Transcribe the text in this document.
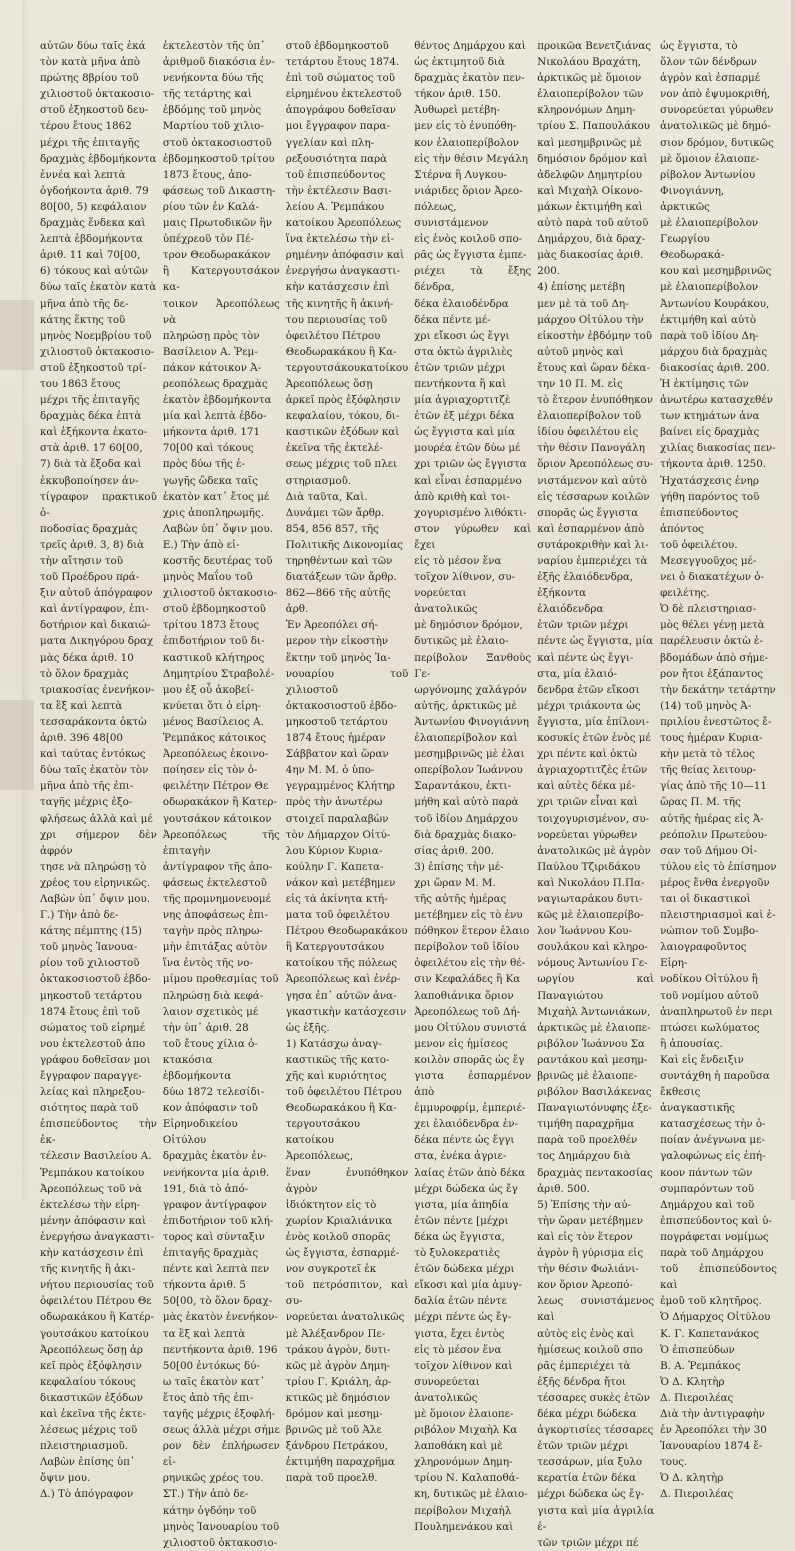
αὐτῶν δύω ταῖς ἑκά
τὸν κατὰ μῆνα ἀπὸ
πρώτης 8βρίου τοῦ
χιλιοστοῦ ὀκτακοσιο-
στοῦ ἑξηκοστοῦ δευ-
τέρου ἔτους 1862
μέχρι τῆς ἐπιταγῆς
δραχμὰς ἑβδομήκοντα
ἐννέα καὶ λεπτὰ
ὀγδοήκοντα ἀριθ. 79
80[00, 5) κεφάλαιον
δραχμὰς ἕνδεκα καὶ
λεπτὰ ἑβδομήκοντα
ἀριθ. 11 καὶ 70[00,
6) τόκους καὶ αὐτῶν
δύω ταῖς ἑκατὸν κατὰ
μῆνα ἀπὸ τῆς δε-
κάτης ἕκτης τοῦ
μηνὸς Νοεμβρίου τοῦ
χιλιοστοῦ ὀκτακοσιο-
στοῦ ἑξηκοστοῦ τρί-
του 1863 ἔτους
μέχρι τῆς ἐπιταγῆς
δραχμὰς δέκα ἑπτὰ
καὶ ἑξήκοντα ἑκατο-
στὰ ἀριθ. 17 60[00,
7) διὰ τὰ ἔξοδα καὶ
ἐκκυβοποίησεν ἀν-
τίγραφον πρακτικοῦ ὁ-
ποδοσίας δραχμὰς
τρεῖς ἀριθ. 3, 8) διὰ
τὴν αἴτησιν τοῦ
τοῦ Προέδρου πρά-
ξιν αὐτοῦ ἀπόγραφον
καὶ ἀντίγραφον, ἐπι-
δοτήριον καὶ δικαιώ-
ματα Δικηγόρου δραχ
μὰς δέκα ἀριθ. 10
τὸ ὅλον δραχμὰς
τριακοσίας ἐνενήκον-
τα ἓξ καὶ λεπτὰ
τεσσαράκοντα ὀκτὼ
ἀριθ. 396 48[00
καὶ ταύτας ἐντόκως
δύω ταῖς ἑκατὸν τὸν
μῆνα ἀπὸ τῆς ἐπι-
ταγῆς μέχρις ἐξο-
φλήσεως ἀλλὰ καὶ μέ
χρι σήμερον δὲν ἀφρόν
τησε νὰ πληρώσῃ τὸ
χρέος του εἰρηνικῶς.
Λαβὼν ὑπ᾽ ὄψιν μου.
Γ.) Τὴν ἀπὸ δε-
κάτης πέμπτης (15)
τοῦ μηνὸς Ἰανουα-
ρίου τοῦ χιλιοστοῦ
ὀκτακοσιοστοῦ ἑβδο-
μηκοστοῦ τετάρτου
1874 ἔτους ἐπὶ τοῦ
σώματος τοῦ εἰρημέ
νου ἐκτελεστοῦ ἀπο
γράφου δοθεῖσαν μοι
ἔγγραφον παραγγε-
λείας καὶ πληρεξου-
σιότητος παρὰ τοῦ
ἐπισπεύδοντος τὴν ἐκ-
τέλεσιν Βασιλείου Α.
Ῥεμπάκου κατοίκου
Ἀρεοπόλεως τοῦ νὰ
ἐκτελέσω τὴν εἰρη-
μένην ἀπόφασιν καὶ
ἐνεργήσω ἀναγκαστι-
κὴν κατάσχεσιν ἐπὶ
τῆς κινητῆς ἢ ἀκι-
νήτου περιουσίας τοῦ
ὀφειλέτου Πέτρου Θε
οδωρακάκου ἢ Κατέρ-
γουτσάκου κατοίκου
Ἀρεοπόλεως ὅσῃ ἀρ
κεῖ πρὸς ἐξόφλησιν
κεφαλαίου τόκους
δικαστικῶν ἐξόδων
καὶ ἐκεῖνα τῆς ἐκτε-
λέσεως μέχρις τοῦ
πλειστηριασμοῦ.
Λαβὼν ἐπίσης ὑπ᾽
ὄψιν μου.
Δ.) Τὸ ἀπόγραφον

ἐκτελεστὸν τῆς ὑπ᾽
ἀριθμοῦ διακόσια ἑν-
νενήκοντα δύω τῆς
τῆς τετάρτης καὶ
ἑβδόμης τοῦ μηνὸς
Μαρτίου τοῦ χιλιο-
στοῦ ὀκτακοσιοστοῦ
ἑβδομηκοστοῦ τρίτου
1873 ἔτους, ἀπο-
φάσεως τοῦ Δικαστη-
ρίου τῶν ἐν Καλά-
μαις Πρωτοδικῶν ἣν
ὑπέχρεοῦ τὸν Πέ-
τρον Θεοδωρακάκον
ἢ Κατεργουτσάκον κα-
τοικον Ἀρεοπόλεως νὰ
πληρώσῃ πρὸς τὸν
Βασίλειον Α. Ῥεμ-
πάκον κάτοικον Ἀ-
ρεοπόλεως δραχμὰς
ἑκατὸν ἑβδομήκοντα
μία καὶ λεπτὰ ἑβδο-
μήκοντα ἀριθ. 171
70[00 καὶ τόκους
πρὸς δύω τῆς ἑ-
γωγῆς ὥδεκα ταῖς
ἑκατὸν κατ᾽ ἔτος μέ
χρις ἀποπληρωμῆς.
Λαβὼν ὑπ᾽ ὄψιν μου.
Ε.) Τὴν ἀπὸ εἰ-
κοστῆς δευτέρας τοῦ
μηνὸς Μαΐου τοῦ
χιλιοστοῦ ὀκτακοσιο-
στοῦ ἑβδομηκοστοῦ
τρίτου 1873 ἔτους
ἐπιδοτήριον τοῦ δι-
καστικοῦ κλήτηρος
Δημητρίου Στραβολέ-
μου ἐξ οὗ ἀκοβεί-
κνύεται ὅτι ὁ εἰρη-
μένος Βασίλειος Α.
Ῥεμπάκος κάτοικος
Ἀρεοπόλεως ἐκοινο-
ποίησεν εἰς τὸν ὀ-
φειλέτην Πέτρον Θε
οδωρακάκον ἢ Κατερ-
γουτσάκον κάτοικον
Ἀρεοπόλεως τῆς ἐπιταγὴν
ἀντίγραφον τῆς ἀπο-
φάσεως ἐκτελεστοῦ
τῆς προμνημονευομέ
νης ἀποφάσεως ἐπι-
ταγὴν πρὸς πληρω-
μὴν ἐπιτάξας αὐτὸν
ἵνα ἐντὸς τῆς νο-
μίμου προθεσμίας τοῦ
πληρώσῃ διὰ κεφά-
λαιον σχετικὸς μέ
τὴν ὑπ᾽ ἀριθ. 28
τοῦ ἔτους χίλια ὀ-
κτακόσια ἑβδομήκοντα
δύω 1872 τελεσίδι-
κον ἀπόφασιν τοῦ
Εἰρηνοδικείου Οἰτύλου
δραχμὰς ἑκατὸν ἐν-
νενήκοντα μία ἀριθ.
191, διὰ τὸ ἀπό-
γραφον ἀντίγραφον
ἐπιδοτήριον τοῦ κλή-
τορος καὶ σύνταξιν
ἐπιταγῆς δραχμὰς
πέντε καὶ λεπτὰ πεν
τήκοντα ἀριθ. 5
50[00, τὸ ὅλον δραχ-
μὰς ἑκατὸν ἐνενήκον-
τα ἓξ καὶ λεπτὰ
πεντήκοντα ἀριθ. 196
50[00 ἐντόκως δύ-
ω ταῖς ἑκατὸν κατ᾽
ἔτος ἀπὸ τῆς ἐπι-
ταγῆς μέχρις ἐξοφλή-
σεως ἀλλὰ μέχρι σήμε
ρον δὲν ἐπλήρωσεν εἰ-
ρηνικῶς χρέος του.
ΣΤ.) Τὴν ἀπὸ δε-
κάτην ὀγδόην τοῦ
μηνὸς Ἰανουαρίου τοῦ
χιλιοστοῦ ὀκτακοσιο-

στοῦ ἑβδομηκοστοῦ
τετάρτου ἔτους 1874.
ἐπὶ τοῦ σώματος τοῦ
εἰρημένου ἐκτελεστοῦ
ἀπογράφου δοθεῖσαν
μοι ἔγγραφον παρα-
γγελίαν καὶ πλη-
ρεξουσιότητα παρὰ
τοῦ ἐπισπεύδοντος
τὴν ἐκτέλεσιν Βασι-
λείου Α. Ῥεμπάκου
κατοίκου Ἀρεοπόλεως
ἵνα ἐκτελέσω τὴν εἰ-
ρημένην ἀπόφασιν καὶ
ἐνεργήσω ἀναγκαστι-
κὴν κατάσχεσιν ἐπὶ
τῆς κινητῆς ἢ ἀκινή-
του περιουσίας τοῦ
ὀφειλέτου Πέτρου
Θεοδωρακάκου ἢ Κα-
τεργουτσάκουκατοίκου
Ἀρεοπόλεως ὅσῃ
ἀρκεῖ πρὸς ἐξόφλησιν
κεφαλαίου, τόκου, δι-
καστικῶν ἐξόδων καὶ
ἐκεῖνα τῆς ἐκτελέ-
σεως μέχρις τοῦ πλει
στηριασμοῦ.
Διὰ ταῦτα, Καὶ.
Δυνάμει τῶν ἄρθρ.
854, 856 857, τῆς
Πολιτικῆς Δικονομίας
τηρηθέντων καὶ τῶν
διατάξεων τῶν ἄρθρ.
862—866 τῆς αὐτῆς
ἀρθ.
Ἐν Ἀρεοπόλει σή-
μερον τὴν εἰκοστὴν
ἕκτην τοῦ μηνὸς Ἰα-
νουαρίου τοῦ χιλιοστοῦ
ὀκτακοσιοστοῦ ἑβδο-
μηκοστοῦ τετάρτου
1874 ἔτους ἡμέραν
Σάββατον καὶ ὥραν
4ην Μ. Μ. ὁ ὑπο-
γεγραμμένος Κλήτηρ
πρὸς τὴν ἀνωτέρω
στοιχεῖ παραλαβὼν
τὸν Δήμαρχον Οἰτύ-
λου Κύριον Κυρια-
κούλην Γ. Καπετα-
νάκον καὶ μετέβημεν
εἰς τὰ ἀκίνητα κτή-
ματα τοῦ ὀφειλέτου
Πέτρου Θεοδωρακάκου
ἢ Κατεργουτσάκου
κατοίκου τῆς πόλεως
Ἀρεοπόλεως καὶ ἐνέρ-
γησα ἐπ᾽ αὐτῶν ἀνα-
γκαστικὴν κατάσχεσιν
ὡς ἑξῆς.
1) Κατάσχω ἀναγ-
καστικῶς τῆς κατο-
χῆς καὶ κυριότητος
τοῦ ὀφειλέτου Πέτρου
Θεοδωρακάκου ἢ Κα-
τεργουτσάκου κατοίκου
Ἀρεοπόλεως,
ἕναν ἐνυπόθηκον ἀγρὸν
ἰδιόκτητον εἰς τὸ
χωρίον Κριαλιάνικα
ἑνὸς κοιλοῦ σπορᾶς
ὡς ἔγγιστα, ἐσπαρμέ-
νον συγκροτεῖ ἐκ
τοῦ πετρόσπιτον, καὶ συ-
νορεύεται ἀνατολικῶς
μὲ Ἀλέξανδρον Πε-
τράκου ἀγρὸν, δυτι-
κῶς μὲ ἀγρὸν Δημη-
τρίου Γ. Κριάλη, ἀρ-
κτικῶς μὲ δημόσιον
δρόμον καὶ μεσημ-
βρινῶς μὲ τοῦ Ἀλε
ξάνδρου Πετράκου,
ἐκτιμήθη παραχρῆμα
παρὰ τοῦ προελθ.

θέντος Δημάρχου καὶ
ὡς ἐκτιμητοῦ διὰ
δραχμὰς ἑκατὸν πεν-
τήκον ἀριθ. 150.
Ἀυθωρεὶ μετέβη-
μεν εἰς τὸ ἐνυπόθη-
κον ἐλαιοπερίβολον
εἰς τὴν θέσιν Μεγάλη
Στέρνα ἢ Λυγκου-
νιάριδες ὅριον Ἀρεο-
πόλεως, συνιστάμενον
εἰς ἑνὸς κοιλοῦ σπο-
ρᾶς ὡς ἔγγιστα ἐμπε-
ριέχει τὰ ἔξης δένδρα,
δέκα ἐλαιοδένδρα
δέκα πέντε μέ-
χρι εἴκοσι ὡς ἔγγι
στα ὀκτὼ ἀγριλιὲς
ἐτῶν τριῶν μέχρι
πεντήκοντα ἢ καὶ
μία ἀγριαχορτιτζὲ
ἐτῶν ἐξ μέχρι δέκα
ὡς ἔγγιστα καὶ μία
μουρέα ἐτῶν δύω μέ
χρι τριῶν ὡς ἔγγιστα
καὶ εἶναι ἐσπαρμένο
ἀπὸ κριθὴ καὶ τοι-
χογυρισμένο λιθόκτι-
στον γύρωθεν καὶ ἔχει
εἰς τὸ μέσον ἕνα
τοῖχον λίθινον, συ-
νορεύεται ἀνατολικῶς
μὲ δημόσιον δρόμον,
δυτικῶς μὲ ἐλαιο-
περίβολον Ξανθοὺς Γε-
ωργόνομης χαλάγρόν
αὐτῆς, ἀρκτικῶς μὲ
Ἀντωνίου Φινογιάννη
ἐλαιοπερίβολον καὶ
μεσημβρινῶς μὲ ἐλαι
οπερίβολον Ἰωάννου
Σαραντάκου, ἐκτι-
μήθη καὶ αὐτὸ παρὰ
τοῦ ἰδίου Δημάρχου
διὰ δραχμὰς διακο-
σίας ἀριθ. 200.
3) ἐπίσης τὴν μέ-
χρι ὥραν Μ. Μ.
τῆς αὐτῆς ἡμέρας
μετέβημεν εἰς τὸ ἐνυ
πόθηκον ἕτερον ἐλαιο
περίβολον τοῦ ἰδίου
ὀφειλέτου εἰς τὴν θέ-
σιν Κεφαλάδες ἢ Κα
λαποθιάνικα ὅριον
Ἀρεοπόλεως τοῦ Δή-
μου Οἰτύλου συνιστά
μενον εἰς ἡμίσεος
κοιλὸν σπορᾶς ὡς ἔγ
γιστα ἐσπαρμένον ἀπὸ
ἐμμυροφρίμ, ἐμπεριέ-
χει ἐλαιόδενδρα ἐν-
δέκα πέντε ὡς ἔγγι
στα, ἐνέκα ἀγριε-
λαίας ἐτῶν ἀπὸ δέκα
μέχρι δώδεκα ὡς ἔγ
γιστα, μία ἀπηδία
ἐτῶν πέντε [μέχρι
δέκα ὡς ἔγγιστα,
τὸ ξυλοκερατιὲς
ἐτῶν δώδεκα μέχρι
εἴκοσι καὶ μία ἀμυγ-
δαλία ἐτῶν πέντε
μέχρι πέντε ὡς ἔγ-
γιστα, ἔχει ἐντὸς
εἰς τὸ μέσον ἕνα
τοῖχον λίθινον καὶ
συνορεύεται ἀνατολικῶς
μὲ ὅμοιον ἐλαιοπε-
ριβόλον Μιχαὴλ Κα
λαποθάκη καὶ μὲ
χληρονόμων Δημη-
τρίου Ν. Καλαποθά-
κη, δυτικῶς μὲ ἐλαιο-
περίβολον Μιχαὴλ
Πουλημενάκου καὶ

προικῶα Βενετζιάνας
Νικολάου Βραχάτη,
ἀρκτικῶς μὲ ὅμοιον
ἐλαιοπερίβολον τῶν
κληρονόμων Δημη-
τρίου Σ. Παπουλάκου
καὶ μεσημβρινῶς μὲ
δημόσιον δρόμον καὶ
ἀδελφῶν Δημητρίου
καὶ Μιχαὴλ Οἰκονο-
μάκων ἐκτιμήθη καὶ
αὐτὸ παρὰ τοῦ αὐτοῦ
Δημάρχου, διὰ δραχ-
μὰς διακοσίας ἀριθ.
200.
4) ἐπίσης μετέβη
μεν μὲ τὰ τοῦ Δη-
μάρχου Οἰτύλου τὴν
εἰκοστὴν ἑβδόμην τοῦ
αὐτοῦ μηνὸς καὶ
ἔτους καὶ ὥραν δέκα-
την 10 Π. Μ. εἰς
τὸ ἕτερον ἐνυπόθηκον
ἐλαιοπερίβολον τοῦ
ἰδίου ὀφειλέτου εἰς
τὴν θέσιν Πανογάλη
ὅριον Ἀρεοπόλεως συ-
νιστάμενον καὶ αὐτὸ
εἰς τέσσαρων κοιλῶν
σπορᾶς ὡς ἔγγιστα
καὶ ἐσπαρμένον ἀπὸ
συτάροκριθὴν καὶ λι-
ναρίου ἐμπεριέχει τὰ
ἑξῆς ἐλαιόδενδρα,
ἑξήκοντα ἐλαιόδενδρα
ἐτῶν τριῶν μέχρι
πέντε ὡς ἔγγιστα, μία
καὶ πέντε ὡς ἔγγι-
στα, μία ἐλαιό-
δενδρα ἐτῶν εἴκοσι
μέχρι τριάκοντα ὡς
ἔγγιστα, μία ἐπίλονι-
κοσυκίς ἐτῶν ἑνὸς μέ
χρι πέντε καὶ ὀκτὼ
ἀγριαχορτιτζὲς ἐτῶν
καὶ αὐτὲς δέκα μέ-
χρι τριῶν εἶναι καὶ
τοιχογυρισμένον, συ-
νορεύεται γύρωθεν
ἀνατολικῶς μὲ ἀγρὸν
Παύλου Τζιριδάκου
καὶ Νικολάου Π.Πα-
ναγιωταράκου δυτι-
κῶς μὲ ἐλαιοπερίβο-
λον Ἰωάννου Κου-
σουλάκου καὶ κληρο-
νόμους Ἀντωνίου Γε-
ωργίου καὶ Παναγιώτου
Μιχαὴλ Ἀντωνιάκων,
ἀρκτικῶς μὲ ἐλαιοπε-
ριβόλον Ἰωάννου Σα
ραντάκου καὶ μεσημ-
βρινῶς μὲ ἐλαιοπε-
ριβόλον Βασιλάκενας
Παναγιωτόνυφης ἐξε-
τιμήθη παραχρῆμα
παρὰ τοῦ προελθέν
τος Δημάρχου διὰ
δραχμὰς πεντακοσίας
ἀριθ. 500.
5) Ἐπίσης τὴν αὐ-
τὴν ὥραν μετέβημεν
καὶ εἰς τὸν ἕτερον
ἀγρὸν ἢ γύρισμα εἰς
τὴν θέσιν Φωλιάνι-
κον ὅριον Ἀρεοπό-
λεως συνιστάμενος καὶ
αὐτὸς εἰς ἑνὸς καὶ
ἡμίσεως κοιλοῦ σπο
ρᾶς ἐμπεριέχει τὰ
ἑξῆς δένδρα ἤτοι
τέσσαρες συκὲς ἐτῶν
δέκα μέχρι δώδεκα
ἀγκορτισίες τέσσαρες
ἐτῶν τριῶν μέχρι
τεσσάρων, μία ξυλο
κερατία ἐτῶν δέκα
μέχρι δώδεκα ὡς ἔγ-
γιστα καὶ μία ἀγριλία ἐ-
τῶν τριῶν μέχρι πέ

ὡς ἔγγιστα, τὸ
ὅλον τῶν δένδρων
ἀγρὸν καὶ ἐσπαρμέ
νον ἀπὸ ἐψυμοκριθή,
συνορεύεται γύρωθεν
ἀνατολικῶς μὲ δημό-
σιον δρόμον, δυτικῶς
μὲ ὅμοιον ἐλαιοπε-
ρίβολον Ἀντωνίου
Φινογιάννη, ἀρκτικῶς
μὲ ἐλαιοπερίβολον
Γεωργίου Θεοδωρακά-
κου καὶ μεσημβρινῶς
μὲ ἐλαιοπερίβολον
Ἀντωνίου Κουράκου,
ἐκτιμήθη καὶ αὐτὸ
παρὰ τοῦ ἰδίου Δη-
μάρχου διὰ δραχμὰς
διακοσίας ἀριθ. 200.
Ἡ ἐκτίμησις τῶν
ἀνωτέρω κατασχεθέν
των κτημάτων ἀνα
βαίνει εἰς δραχμὰς
χιλίας διακοσίας πεν-
τήκοντα ἀριθ. 1250.
Ἡχατάσχεσις ἐνηρ
γήθη παρόντος τοῦ
ἐπισπεύδοντος ἀπόντος
τοῦ ὀφειλέτου.
Μεσεγγυοῦχος μέ-
νει ὁ διακατέχων ὀ-
φειλέτης.
Ὁ δὲ πλειστηριασ-
μὸς θέλει γένῃ μετὰ
παρέλευσιν ὀκτὼ ἑ-
βδομάδων ἀπὸ σήμε-
ρον ἤτοι ἐξάπαντος
τὴν δεκάτην τετάρτην
(14) τοῦ μηνὸς Ἀ-
πριλίου ἐνεστῶτος ἔ-
τους ἡμέραν Κυρια-
κὴν μετὰ τὸ τέλος
τῆς θείας λειτουρ-
γίας ἀπὸ τῆς 10—11
ὥρας Π. Μ. τῆς
αὐτῆς ἡμέρας εἰς Ἀ-
ρεόπολιν Πρωτεύου-
σαν τοῦ Δήμου Οἰ-
τύλου εἰς τὸ ἐπίσημον
μέρος ἔνθα ἐνεργοῦν
ται οἱ δικαστικοὶ
πλειστηριασμοὶ καὶ ἐ-
νώπιον τοῦ Συμβο-
λαιογραφοῦντος Εἰρη-
νοδίκου Οἰτύλου ἢ
τοῦ νομίμου αὐτοῦ
ἀναπληρωτοῦ ἐν περι
πτώσει κωλύματος
ἢ ἀπουσίας.
Καὶ εἰς ἔνδειξιν
συντάχθη ἡ παροῦσα
ἔκθεσις ἀναγκαστικῆς
κατασχέσεως τὴν ὁ-
ποίαν ἀνέγνωνα με-
γαλοφώνως εἰς ἐπή-
κοον πάντων τῶν
συμπαρόντων τοῦ
Δημάρχου καὶ τοῦ
ἐπισπεύδοντος καὶ ὑ-
πογράφεται νομίμως
παρὰ τοῦ Δημάρχου
τοῦ ἐπισπεύδοντος καὶ
ἐμοῦ τοῦ κλητῆρος.
Ὁ Δήμαρχος Οἰτύλου
Κ. Γ. Καπετανάκος
Ὁ ἐπισπεύδων
Β. Α. Ῥεμπάκος
Ὁ Δ. Κλητὴρ
Δ. Πιεροιλέας
Διὰ τὴν ἀντιγραφὴν
ἐν Ἀρεοπόλει τὴν 30
Ἰανουαρίου 1874 ἔ-
τους.
Ὁ Δ. κλητὴρ
Δ. Πιεροιλέας
